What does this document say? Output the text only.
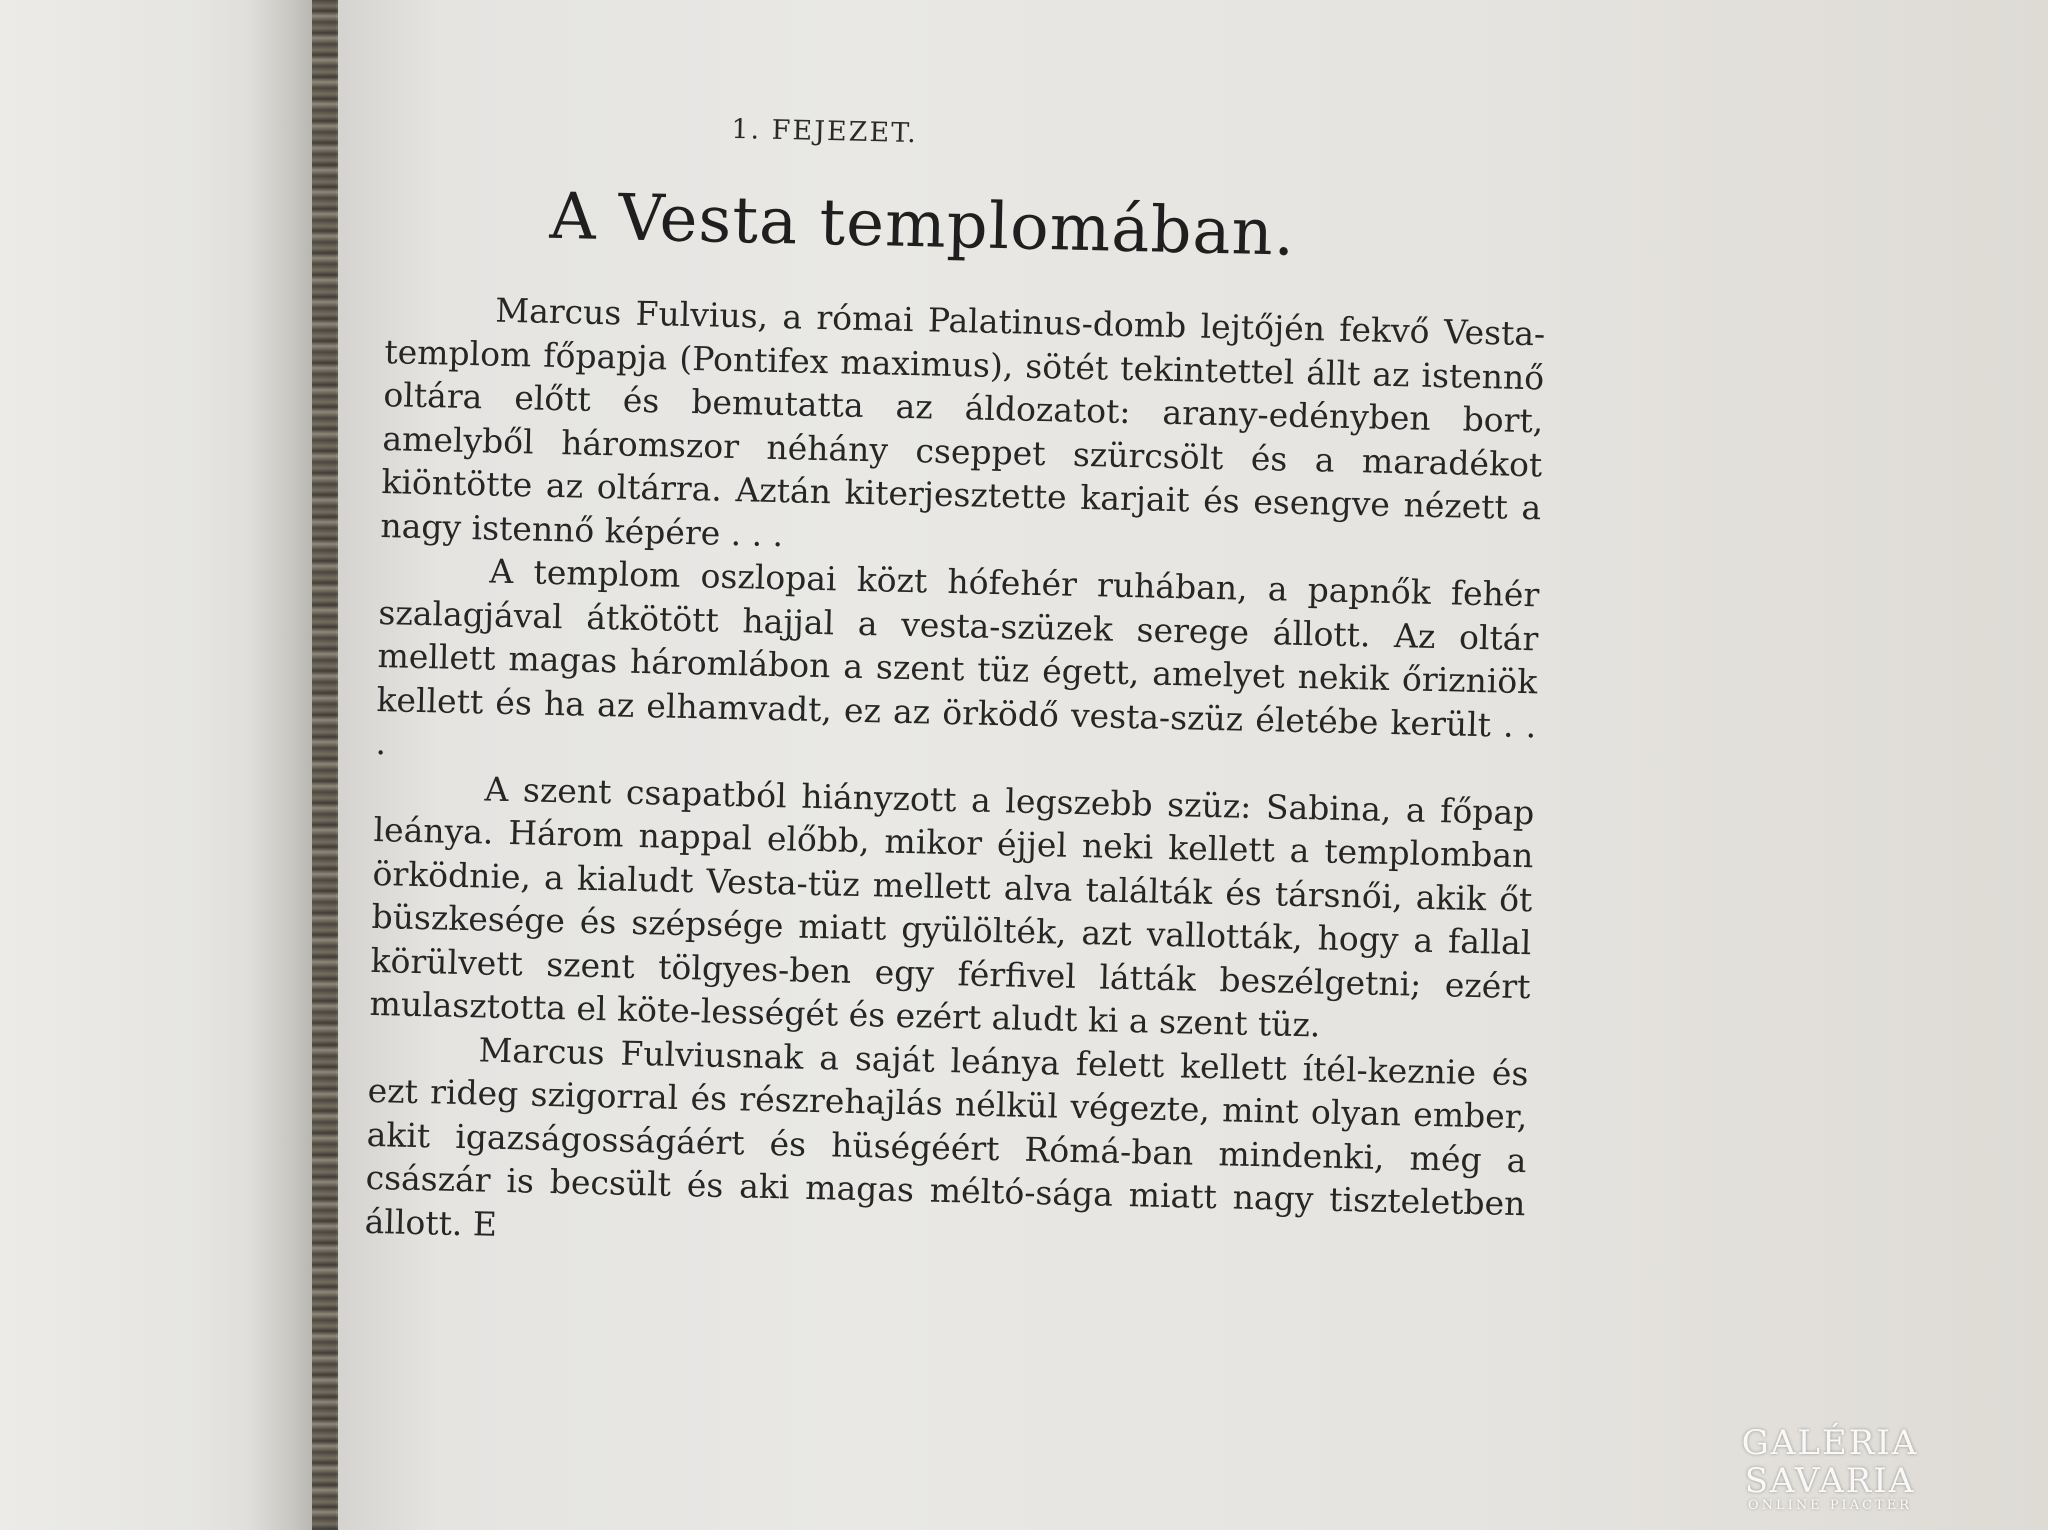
1. FEJEZET.
A Vesta templomában.

Marcus Fulvius, a római Palatinus-domb lejtőjén fekvő Vesta-templom főpapja (Pontifex maximus), sötét tekintettel állt az istennő oltára előtt és bemutatta az áldozatot: arany-edényben bort, amelyből háromszor néhány cseppet szürcsölt és a maradékot kiöntötte az oltárra. Aztán kiterjesztette karjait és esengve nézett a nagy istennő képére . . .

A templom oszlopai közt hófehér ruhában, a papnők fehér szalagjával átkötött hajjal a vesta-szüzek serege állott. Az oltár mellett magas háromlábon a szent tüz égett, amelyet nekik őrizniök kellett és ha az elhamvadt, ez az örködő vesta-szüz életébe került . . .

A szent csapatból hiányzott a legszebb szüz: Sabina, a főpap leánya. Három nappal előbb, mikor éjjel neki kellett a templomban örködnie, a kialudt Vesta-tüz mellett alva találták és társnői, akik őt büszkesége és szépsége miatt gyülölték, azt vallották, hogy a fallal körülvett szent tölgyes-ben egy férfivel látták beszélgetni; ezért mulasztotta el köte-lességét és ezért aludt ki a szent tüz.

Marcus Fulviusnak a saját leánya felett kellett ítél-keznie és ezt rideg szigorral és részrehajlás nélkül végezte, mint olyan ember, akit igazságosságáért és hüségéért Rómá-ban mindenki, még a császár is becsült és aki magas méltó-sága miatt nagy tiszteletben állott. E

GALÉRIA SAVARIA
ONLINE PIACTÉR
